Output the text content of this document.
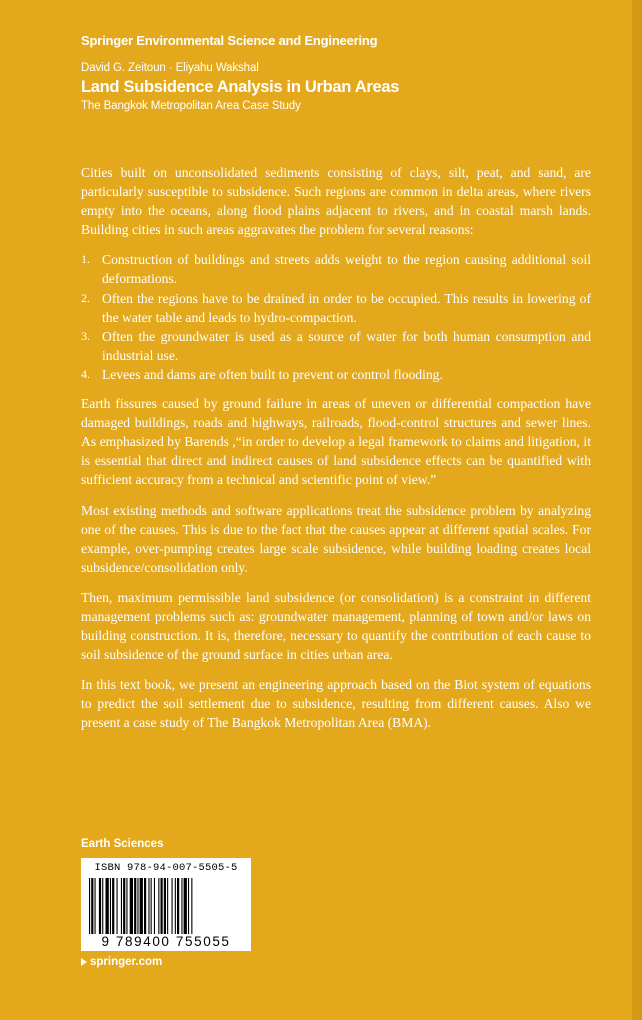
Springer Environmental Science and Engineering
David G. Zeitoun · Eliyahu Wakshal
Land Subsidence Analysis in Urban Areas
The Bangkok Metropolitan Area Case Study

Cities built on unconsolidated sediments consisting of clays, silt, peat, and sand, are particularly susceptible to subsidence. Such regions are common in delta areas, where rivers empty into the oceans, along flood plains adjacent to rivers, and in coastal marsh lands. Building cities in such areas aggravates the problem for several reasons:

1. Construction of buildings and streets adds weight to the region causing additional soil deformations.
2. Often the regions have to be drained in order to be occupied. This results in lowering of the water table and leads to hydro-compaction.
3. Often the groundwater is used as a source of water for both human consumption and industrial use.
4. Levees and dams are often built to prevent or control flooding.

Earth fissures caused by ground failure in areas of uneven or differential compaction have damaged buildings, roads and highways, railroads, flood-control structures and sewer lines. As emphasized by Barends ,“in order to develop a legal framework to claims and litigation, it is essential that direct and indirect causes of land subsidence effects can be quantified with sufficient accuracy from a technical and scientific point of view.”

Most existing methods and software applications treat the subsidence problem by analyzing one of the causes. This is due to the fact that the causes appear at different spatial scales. For example, over-pumping creates large scale subsidence, while building loading creates local subsidence/consolidation only.

Then, maximum permissible land subsidence (or consolidation) is a constraint in different management problems such as: groundwater management, planning of town and/or laws on building construction. It is, therefore, necessary to quantify the contribution of each cause to soil subsidence of the ground surface in cities urban area.

In this text book, we present an engineering approach based on the Biot system of equations to predict the soil settlement due to subsidence, resulting from different causes. Also we present a case study of The Bangkok Metropolitan Area (BMA).

Earth Sciences
ISBN 978-94-007-5505-5
9 789400 755055
springer.com
